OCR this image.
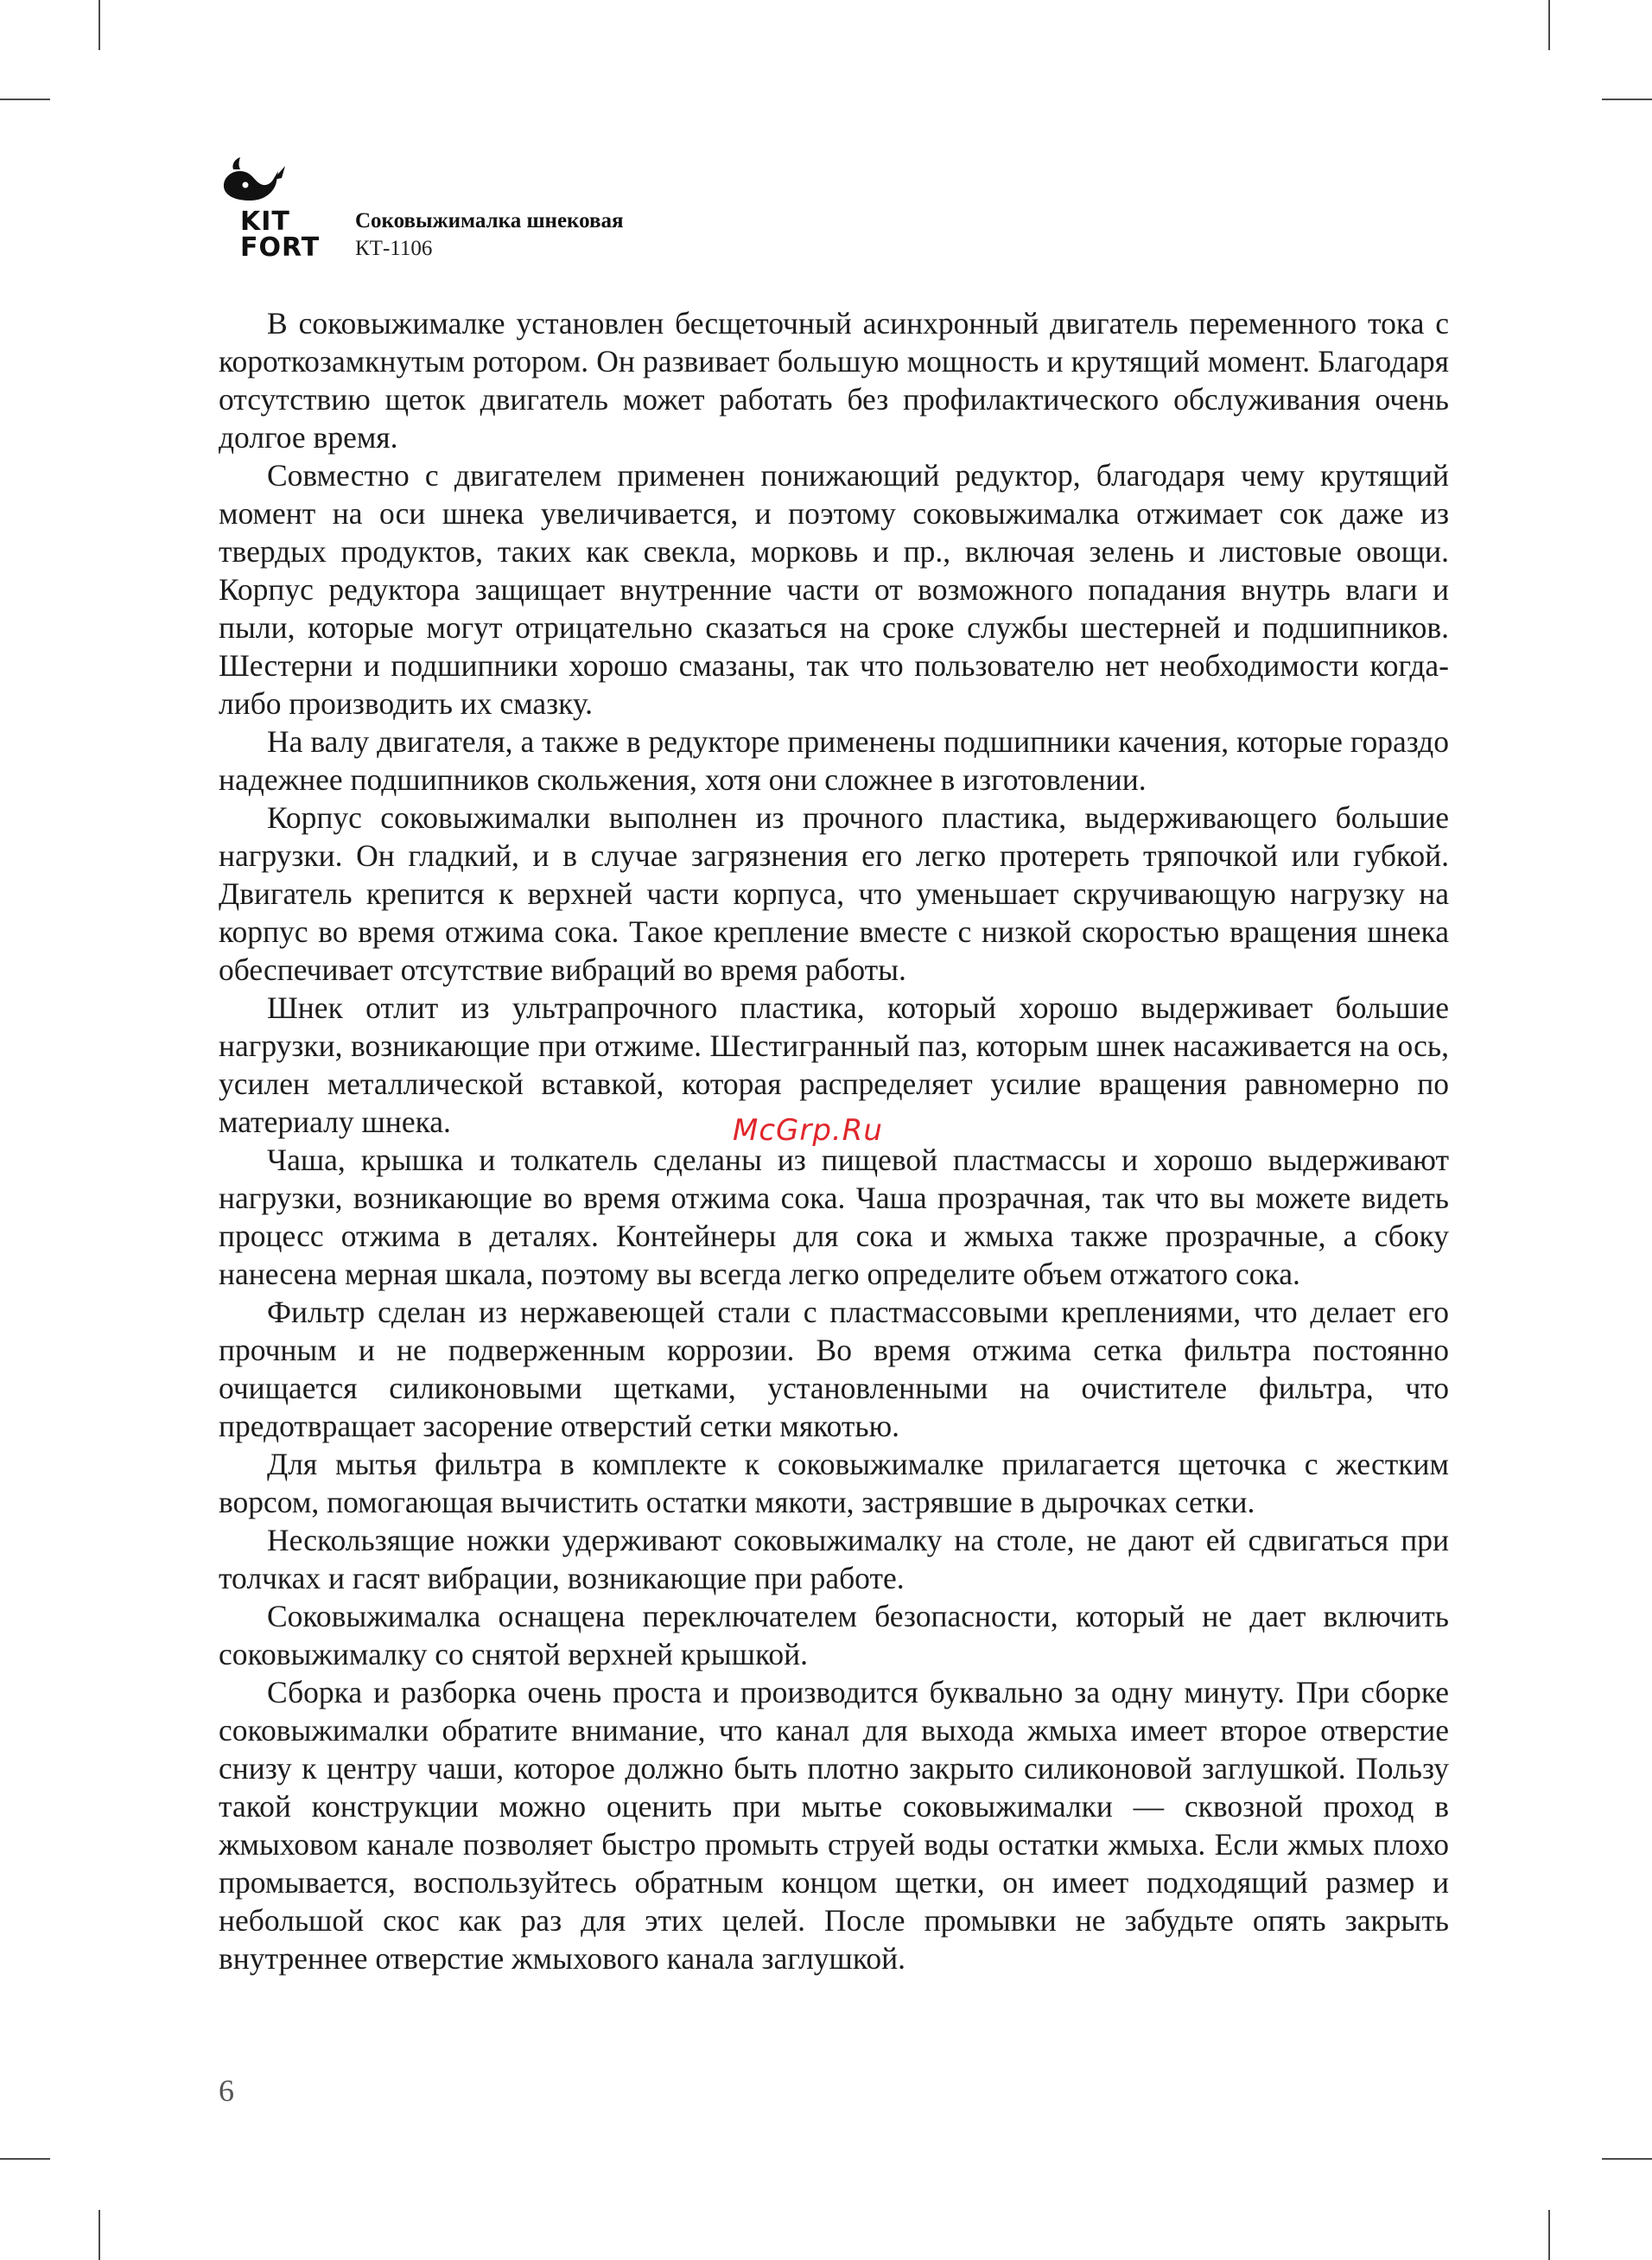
KIT
FORT
Соковыжималка шнековая
КТ-1106

В соковыжималке установлен бесщеточный асинхронный двигатель переменного тока с короткозамкнутым ротором. Он развивает большую мощность и крутящий момент. Благодаря отсутствию щеток двигатель может работать без профилактического обслуживания очень долгое время.

Совместно с двигателем применен понижающий редуктор, благодаря чему крутящий момент на оси шнека увеличивается, и поэтому соковыжималка отжимает сок даже из твердых продуктов, таких как свекла, морковь и пр., включая зелень и листовые овощи. Корпус редуктора защищает внутренние части от возможного попадания внутрь влаги и пыли, которые могут отрицательно сказаться на сроке службы шестерней и подшипников. Шестерни и подшипники хорошо смазаны, так что пользователю нет необходимости когда-либо производить их смазку.

На валу двигателя, а также в редукторе применены подшипники качения, которые гораздо надежнее подшипников скольжения, хотя они сложнее в изготовлении.

Корпус соковыжималки выполнен из прочного пластика, выдерживающего большие нагрузки. Он гладкий, и в случае загрязнения его легко протереть тряпочкой или губкой. Двигатель крепится к верхней части корпуса, что уменьшает скручивающую нагрузку на корпус во время отжима сока. Такое крепление вместе с низкой скоростью вращения шнека обеспечивает отсутствие вибраций во время работы.

Шнек отлит из ультрапрочного пластика, который хорошо выдерживает большие нагрузки, возникающие при отжиме. Шестигранный паз, которым шнек насаживается на ось, усилен металлической вставкой, которая распределяет усилие вращения равномерно по материалу шнека.

Чаша, крышка и толкатель сделаны из пищевой пластмассы и хорошо выдерживают нагрузки, возникающие во время отжима сока. Чаша прозрачная, так что вы можете видеть процесс отжима в деталях. Контейнеры для сока и жмыха также прозрачные, а сбоку нанесена мерная шкала, поэтому вы всегда легко определите объем отжатого сока.

Фильтр сделан из нержавеющей стали с пластмассовыми креплениями, что делает его прочным и не подверженным коррозии. Во время отжима сетка фильтра постоянно очищается силиконовыми щетками, установленными на очистителе фильтра, что предотвращает засорение отверстий сетки мякотью.

Для мытья фильтра в комплекте к соковыжималке прилагается щеточка с жестким ворсом, помогающая вычистить остатки мякоти, застрявшие в дырочках сетки.

Нескользящие ножки удерживают соковыжималку на столе, не дают ей сдвигаться при толчках и гасят вибрации, возникающие при работе.

Соковыжималка оснащена переключателем безопасности, который не дает включить соковыжималку со снятой верхней крышкой.

Сборка и разборка очень проста и производится буквально за одну минуту. При сборке соковыжималки обратите внимание, что канал для выхода жмыха имеет второе отверстие снизу к центру чаши, которое должно быть плотно закрыто силиконовой заглушкой. Пользу такой конструкции можно оценить при мытье соковыжималки — сквозной проход в жмыховом канале позволяет быстро промыть струей воды остатки жмыха. Если жмых плохо промывается, воспользуйтесь обратным концом щетки, он имеет подходящий размер и небольшой скос как раз для этих целей. После промывки не забудьте опять закрыть внутреннее отверстие жмыхового канала заглушкой.

McGrp.Ru
6
